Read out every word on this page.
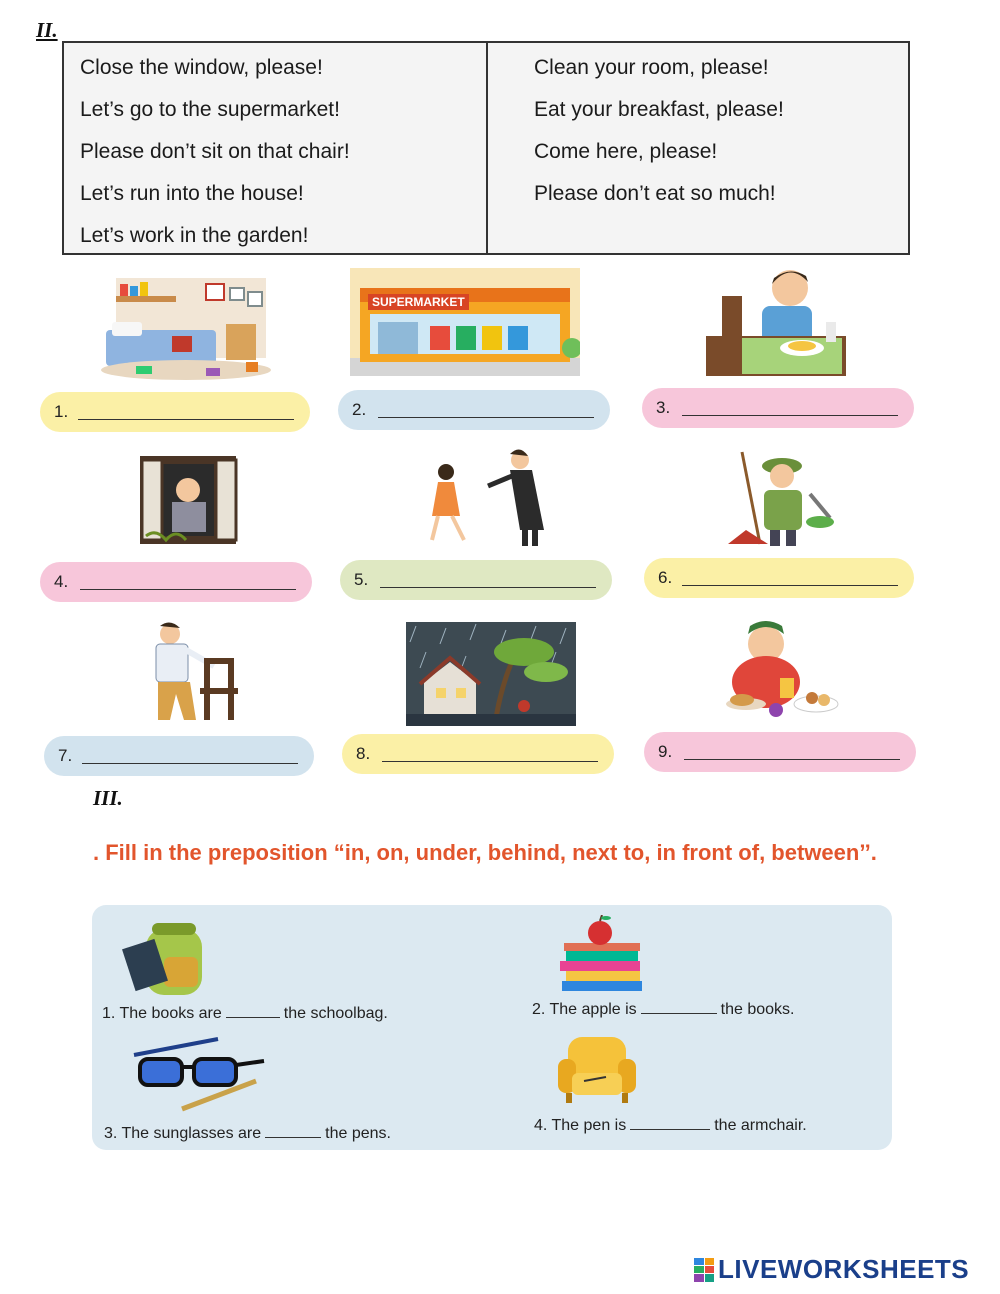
II.
Close the window, please!
Let’s go to the supermarket!
Please don’t sit on that chair!
Let’s run into the house!
Let’s work in the garden!
Clean your room, please!
Eat your breakfast, please!
Come here, please!
Please don’t eat so much!
SUPERMARKET
1.	2.	3.
4.	5.	6.
7.	8.	9.
III.
. Fill in the preposition “in, on, under, behind, next to, in front of, between’’.
1. The books are	the schoolbag.	2. The apple is	the books.
3. The sunglasses are	the pens.	4. The pen is	the armchair.
LIVEWORKSHEETS
